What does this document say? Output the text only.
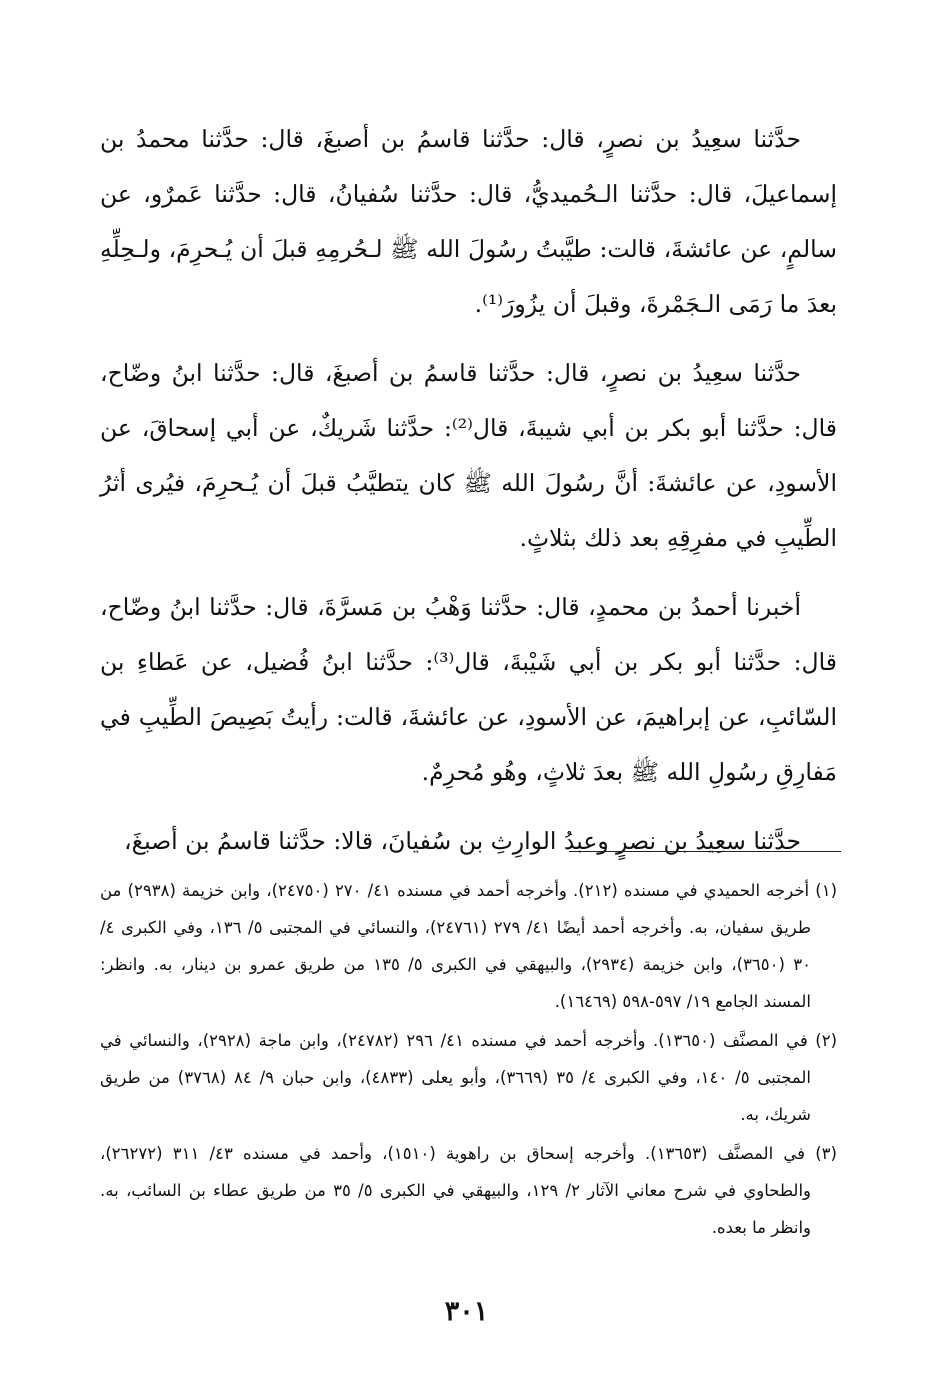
حدَّثنا سعِيدُ بن نصرٍ، قال: حدَّثنا قاسمُ بن أصبغَ، قال: حدَّثنا محمدُ بن إسماعيلَ، قال: حدَّثنا الـحُميديُّ، قال: حدَّثنا سُفيانُ، قال: حدَّثنا عَمرٌو، عن سالمٍ، عن عائشةَ، قالت: طيَّبتُ رسُولَ الله ﷺ لـحُرمِهِ قبلَ أن يُـحرِمَ، ولـحِلِّهِ بعدَ ما رَمَى الـجَمْرةَ، وقبلَ أن يزُورَ⁽¹⁾.

حدَّثنا سعِيدُ بن نصرٍ، قال: حدَّثنا قاسمُ بن أصبغَ، قال: حدَّثنا ابنُ وضّاح، قال: حدَّثنا أبو بكر بن أبي شيبةَ، قال⁽²⁾: حدَّثنا شَريكٌ، عن أبي إسحاقَ، عن الأسودِ، عن عائشةَ: أنَّ رسُولَ الله ﷺ كان يتطيَّبُ قبلَ أن يُـحرِمَ، فيُرى أثرُ الطِّيبِ في مفرِقِهِ بعد ذلك بثلاثٍ.

أخبرنا أحمدُ بن محمدٍ، قال: حدَّثنا وَهْبُ بن مَسرَّةَ، قال: حدَّثنا ابنُ وضّاح، قال: حدَّثنا أبو بكر بن أبي شَيْبةَ، قال⁽³⁾: حدَّثنا ابنُ فُضيل، عن عَطاءِ بن السّائبِ، عن إبراهيمَ، عن الأسودِ، عن عائشةَ، قالت: رأيتُ بَصِيصَ الطِّيبِ في مَفارِقِ رسُولِ الله ﷺ بعدَ ثلاثٍ، وهُو مُحرِمٌ.

حدَّثنا سعِيدُ بن نصرٍ وعبدُ الوارِثِ بن سُفيانَ، قالا: حدَّثنا قاسمُ بن أصبغَ،

(١) أخرجه الحميدي في مسنده (٢١٢). وأخرجه أحمد في مسنده ٤١/ ٢٧٠ (٢٤٧٥٠)، وابن خزيمة (٢٩٣٨) من طريق سفيان، به. وأخرجه أحمد أيضًا ٤١/ ٢٧٩ (٢٤٧٦١)، والنسائي في المجتبى ٥/ ١٣٦، وفي الكبرى ٤/ ٣٠ (٣٦٥٠)، وابن خزيمة (٢٩٣٤)، والبيهقي في الكبرى ٥/ ١٣٥ من طريق عمرو بن دينار، به. وانظر: المسند الجامع ١٩/ ٥٩٧-٥٩٨ (١٦٤٦٩).

(٢) في المصنَّف (١٣٦٥٠). وأخرجه أحمد في مسنده ٤١/ ٢٩٦ (٢٤٧٨٢)، وابن ماجة (٢٩٢٨)، والنسائي في المجتبى ٥/ ١٤٠، وفي الكبرى ٤/ ٣٥ (٣٦٦٩)، وأبو يعلى (٤٨٣٣)، وابن حبان ٩/ ٨٤ (٣٧٦٨) من طريق شريك، به.

(٣) في المصنَّف (١٣٦٥٣). وأخرجه إسحاق بن راهوية (١٥١٠)، وأحمد في مسنده ٤٣/ ٣١١ (٢٦٢٧٢)، والطحاوي في شرح معاني الآثار ٢/ ١٢٩، والبيهقي في الكبرى ٥/ ٣٥ من طريق عطاء بن السائب، به. وانظر ما بعده.

٣٠١
